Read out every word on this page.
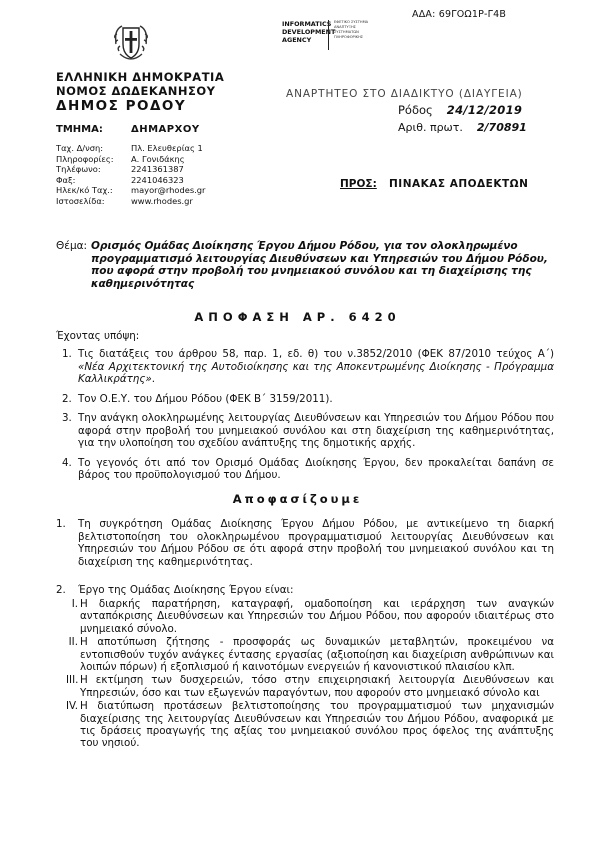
ΑΔΑ: 69ΓΟΩ1Ρ-Γ4Β
INFORMATICS
DEVELOPMENT
AGENCY
ΕΦΕΤΙΚΟ ΣΥΣΤΗΜΑ
ΑΝΑΠΤΥΞΗΣ
ΣΥΣΤΗΜΑΤΩΝ
ΠΛΗΡΟΦΟΡΙΚΗΣ
ΕΛΛΗΝΙΚΗ ΔΗΜΟΚΡΑΤΙΑ
ΝΟΜΟΣ ΔΩΔΕΚΑΝΗΣΟΥ
ΔΗΜΟΣ ΡΟΔΟΥ
ΑΝΑΡΤΗΤΕΟ ΣΤΟ ΔΙΑΔΙΚΤΥΟ (ΔΙΑΥΓΕΙΑ)
Ρόδος 24/12/2019
Αριθ. πρωτ. 2/70891
ΤΜΗΜΑ:	ΔΗΜΑΡΧΟΥ
Ταχ. Δ/νση:	Πλ. Ελευθερίας 1
Πληροφορίες:	Α. Γονιδάκης
Τηλέφωνο:	2241361387
Φαξ:	2241046323
Ηλεκ/κό Ταχ.:	mayor@rhodes.gr
Ιστοσελίδα:	www.rhodes.gr
ΠΡΟΣ: ΠΙΝΑΚΑΣ ΑΠΟΔΕΚΤΩΝ
Θέμα: Ορισμός Ομάδας Διοίκησης Έργου Δήμου Ρόδου, για τον ολοκληρωμένο προγραμματισμό λειτουργίας Διευθύνσεων και Υπηρεσιών του Δήμου Ρόδου, που αφορά στην προβολή του μνημειακού συνόλου και τη διαχείρισης της καθημερινότητας
ΑΠΟΦΑΣΗ ΑΡ. 6420
Έχοντας υπόψη:
1. Τις διατάξεις του άρθρου 58, παρ. 1, εδ. θ) του ν.3852/2010 (ΦΕΚ 87/2010 τεύχος Α΄) «Νέα Αρχιτεκτονική της Αυτοδιοίκησης και της Αποκεντρωμένης Διοίκησης - Πρόγραμμα Καλλικράτης».
2. Τον Ο.Ε.Υ. του Δήμου Ρόδου (ΦΕΚ Β΄ 3159/2011).
3. Την ανάγκη ολοκληρωμένης λειτουργίας Διευθύνσεων και Υπηρεσιών του Δήμου Ρόδου που αφορά στην προβολή του μνημειακού συνόλου και στη διαχείριση της καθημερινότητας, για την υλοποίηση του σχεδίου ανάπτυξης της δημοτικής αρχής.
4. Το γεγονός ότι από τον Ορισμό Ομάδας Διοίκησης Έργου, δεν προκαλείται δαπάνη σε βάρος του προϋπολογισμού του Δήμου.
Αποφασίζουμε
1. Τη συγκρότηση Ομάδας Διοίκησης Έργου Δήμου Ρόδου, με αντικείμενο τη διαρκή βελτιστοποίηση του ολοκληρωμένου προγραμματισμού λειτουργίας Διευθύνσεων και Υπηρεσιών του Δήμου Ρόδου σε ότι αφορά στην προβολή του μνημειακού συνόλου και τη διαχείριση της καθημερινότητας.
2. Έργο της Ομάδας Διοίκησης Έργου είναι:
I. Η διαρκής παρατήρηση, καταγραφή, ομαδοποίηση και ιεράρχηση των αναγκών ανταπόκρισης Διευθύνσεων και Υπηρεσιών του Δήμου Ρόδου, που αφορούν ιδιαιτέρως στο μνημειακό σύνολο.
II. Η αποτύπωση ζήτησης - προσφοράς ως δυναμικών μεταβλητών, προκειμένου να εντοπισθούν τυχόν ανάγκες έντασης εργασίας (αξιοποίηση και διαχείριση ανθρώπινων και λοιπών πόρων) ή εξοπλισμού ή καινοτόμων ενεργειών ή κανονιστικού πλαισίου κλπ.
III. Η εκτίμηση των δυσχερειών, τόσο στην επιχειρησιακή λειτουργία Διευθύνσεων και Υπηρεσιών, όσο και των εξωγενών παραγόντων, που αφορούν στο μνημειακό σύνολο και
IV. Η διατύπωση προτάσεων βελτιστοποίησης του προγραμματισμού των μηχανισμών διαχείρισης της λειτουργίας Διευθύνσεων και Υπηρεσιών του Δήμου Ρόδου, αναφορικά με τις δράσεις προαγωγής της αξίας του μνημειακού συνόλου προς όφελος της ανάπτυξης του νησιού.
